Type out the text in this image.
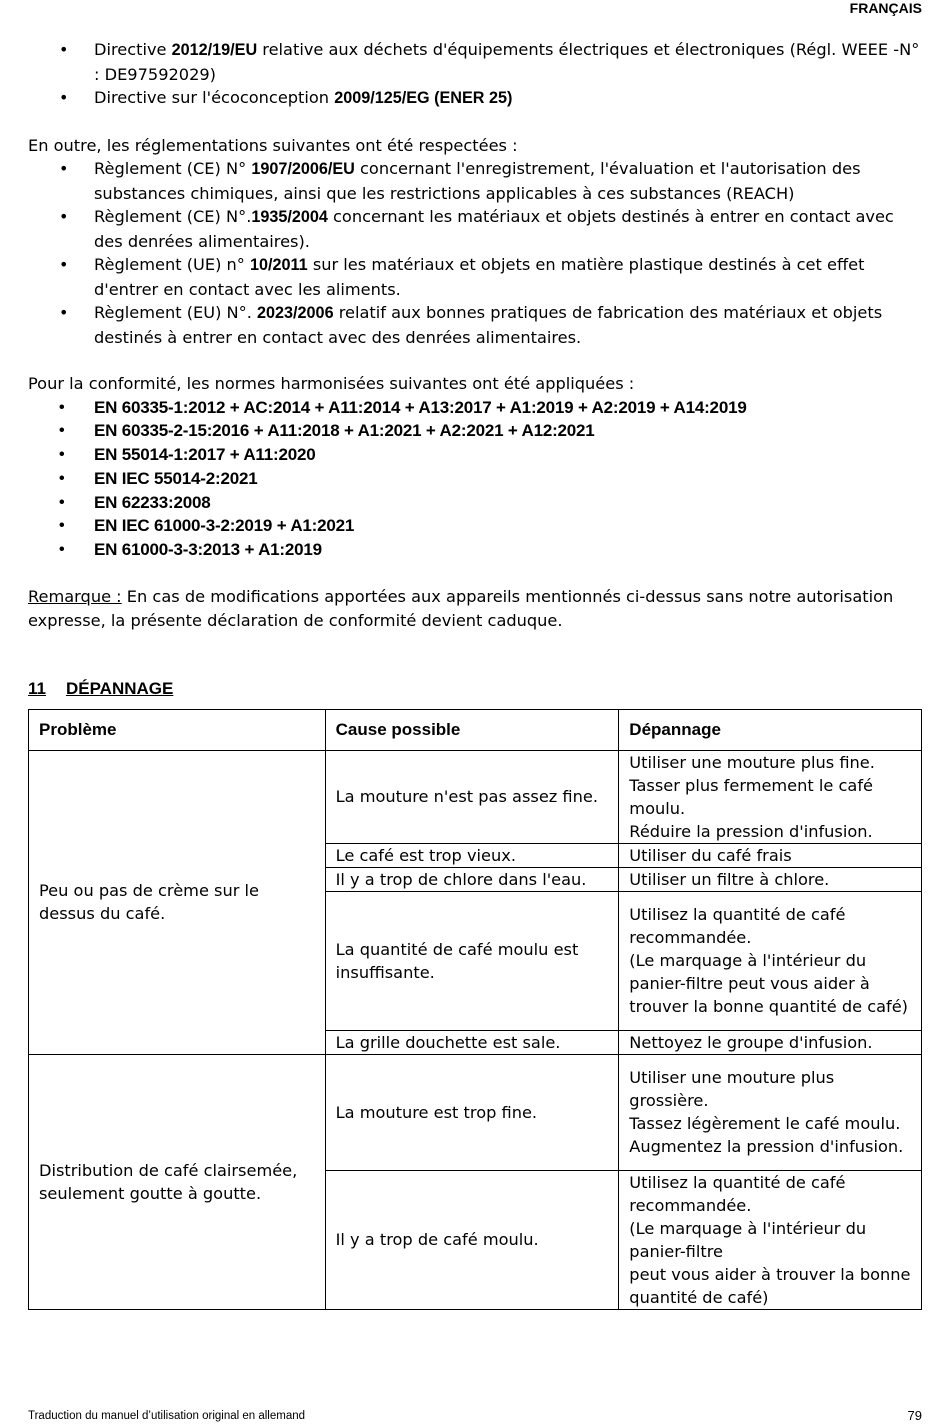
FRANÇAIS
• Directive 2012/19/EU relative aux déchets d'équipements électriques et électroniques (Régl. WEEE -N° : DE97592029)
• Directive sur l'écoconception 2009/125/EG (ENER 25)

En outre, les réglementations suivantes ont été respectées :

• Règlement (CE) N° 1907/2006/EU concernant l'enregistrement, l'évaluation et l'autorisation des substances chimiques, ainsi que les restrictions applicables à ces substances (REACH)
• Règlement (CE) N°.1935/2004 concernant les matériaux et objets destinés à entrer en contact avec des denrées alimentaires).
• Règlement (UE) n° 10/2011 sur les matériaux et objets en matière plastique destinés à cet effet d'entrer en contact avec les aliments.
• Règlement (EU) N°. 2023/2006 relatif aux bonnes pratiques de fabrication des matériaux et objets destinés à entrer en contact avec des denrées alimentaires.

Pour la conformité, les normes harmonisées suivantes ont été appliquées :

• EN 60335-1:2012 + AC:2014 + A11:2014 + A13:2017 + A1:2019 + A2:2019 + A14:2019
• EN 60335-2-15:2016 + A11:2018 + A1:2021 + A2:2021 + A12:2021
• EN 55014-1:2017 + A11:2020
• EN IEC 55014-2:2021
• EN 62233:2008
• EN IEC 61000-3-2:2019 + A1:2021
• EN 61000-3-3:2013 + A1:2019

Remarque : En cas de modifications apportées aux appareils mentionnés ci-dessus sans notre autorisation expresse, la présente déclaration de conformité devient caduque.

11 DÉPANNAGE
Problème	Cause possible	Dépannage
Peu ou pas de crème sur le dessus du café.	La mouture n'est pas assez fine.	Utiliser une mouture plus fine. Tasser plus fermement le café moulu.
Réduire la pression d'infusion.
	Le café est trop vieux.	Utiliser du café frais
	Il y a trop de chlore dans l'eau.	Utiliser un filtre à chlore.
	La quantité de café moulu est insuffisante.	Utilisez la quantité de café recommandée.
(Le marquage à l'intérieur du panier-filtre peut vous aider à trouver la bonne quantité de café)
	La grille douchette est sale.	Nettoyez le groupe d'infusion.
Distribution de café clairsemée, seulement goutte à goutte.	La mouture est trop fine.	Utiliser une mouture plus grossière.
Tassez légèrement le café moulu. Augmentez la pression d'infusion.
	Il y a trop de café moulu.	Utilisez la quantité de café recommandée.
(Le marquage à l'intérieur du panier-filtre
peut vous aider à trouver la bonne quantité de café)
Traduction du manuel d’utilisation original en allemand	79
